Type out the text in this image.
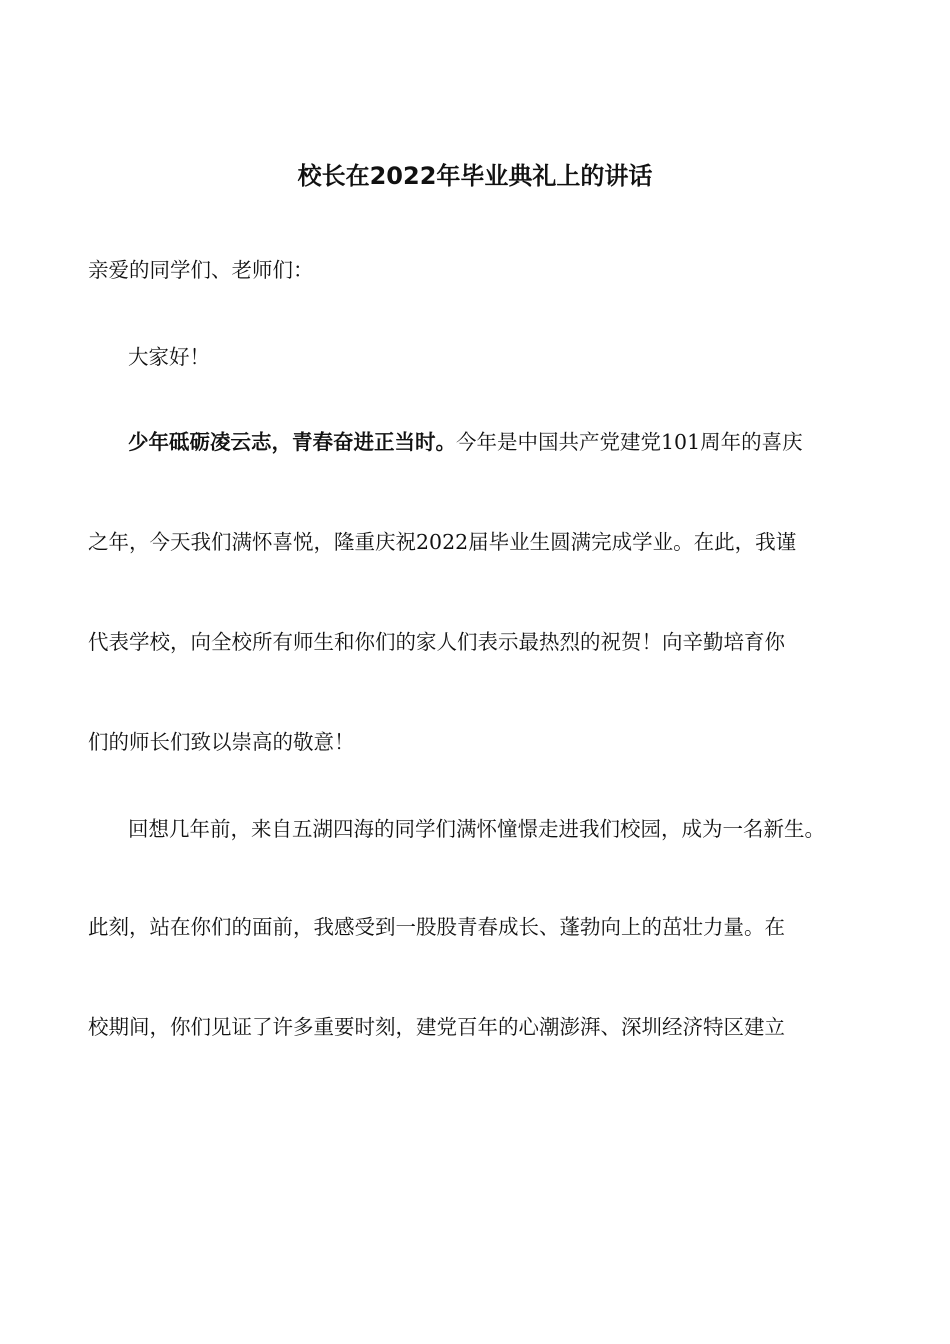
校长在2022年毕业典礼上的讲话

亲爱的同学们、老师们：

大家好！

少年砥砺凌云志，青春奋进正当时。今年是中国共产党建党101周年的喜庆

之年，今天我们满怀喜悦，隆重庆祝2022届毕业生圆满完成学业。在此，我谨

代表学校，向全校所有师生和你们的家人们表示最热烈的祝贺！向辛勤培育你

们的师长们致以崇高的敬意！

回想几年前，来自五湖四海的同学们满怀憧憬走进我们校园，成为一名新生。

此刻，站在你们的面前，我感受到一股股青春成长、蓬勃向上的茁壮力量。在

校期间，你们见证了许多重要时刻，建党百年的心潮澎湃、深圳经济特区建立
